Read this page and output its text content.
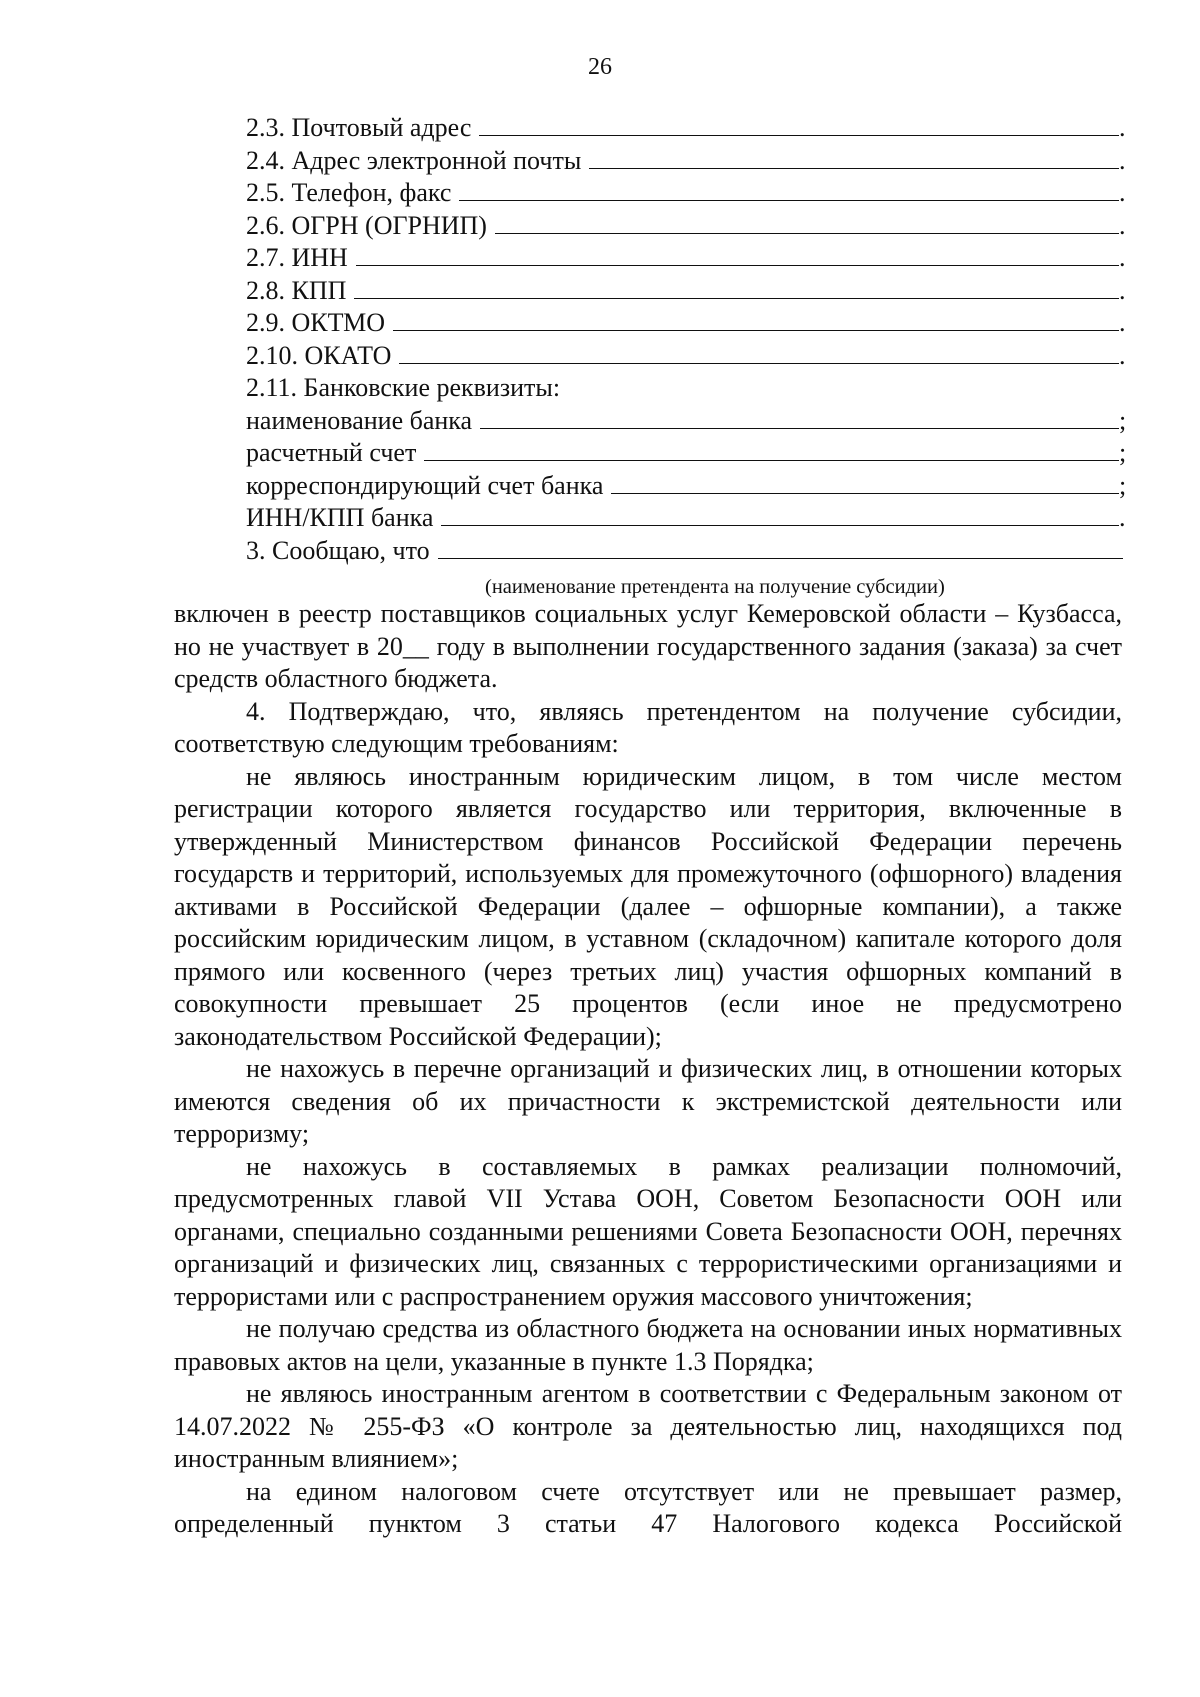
26
2.3. Почтовый адрес	.
2.4. Адрес электронной почты	.
2.5. Телефон, факс	.
2.6. ОГРН (ОГРНИП)	.
2.7. ИНН	.
2.8. КПП	.
2.9. ОКТМО	.
2.10. ОКАТО	.
2.11. Банковские реквизиты:
наименование банка	;
расчетный счет	;
корреспондирующий счет банка	;
ИНН/КПП банка	.
3. Сообщаю, что
(наименование претендента на получение субсидии)

включен в реестр поставщиков социальных услуг Кемеровской области – Кузбасса, но не участвует в 20__ году в выполнении государственного задания (заказа) за счет средств областного бюджета.

4. Подтверждаю, что, являясь претендентом на получение субсидии, соответствую следующим требованиям:

не являюсь иностранным юридическим лицом, в том числе местом регистрации которого является государство или территория, включенные в утвержденный Министерством финансов Российской Федерации перечень государств и территорий, используемых для промежуточного (офшорного) владения активами в Российской Федерации (далее – офшорные компании), а также российским юридическим лицом, в уставном (складочном) капитале которого доля прямого или косвенного (через третьих лиц) участия офшорных компаний в совокупности превышает 25 процентов (если иное не предусмотрено законодательством Российской Федерации);

не нахожусь в перечне организаций и физических лиц, в отношении которых имеются сведения об их причастности к экстремистской деятельности или терроризму;

не нахожусь в составляемых в рамках реализации полномочий, предусмотренных главой VII Устава ООН, Советом Безопасности ООН или органами, специально созданными решениями Совета Безопасности ООН, перечнях организаций и физических лиц, связанных с террористическими организациями и террористами или с распространением оружия массового уничтожения;

не получаю средства из областного бюджета на основании иных нормативных правовых актов на цели, указанные в пункте 1.3 Порядка;

не являюсь иностранным агентом в соответствии с Федеральным законом от 14.07.2022 № 255-ФЗ «О контроле за деятельностью лиц, находящихся под иностранным влиянием»;

на едином налоговом счете отсутствует или не превышает размер, определенный пунктом 3 статьи 47 Налогового кодекса Российской
